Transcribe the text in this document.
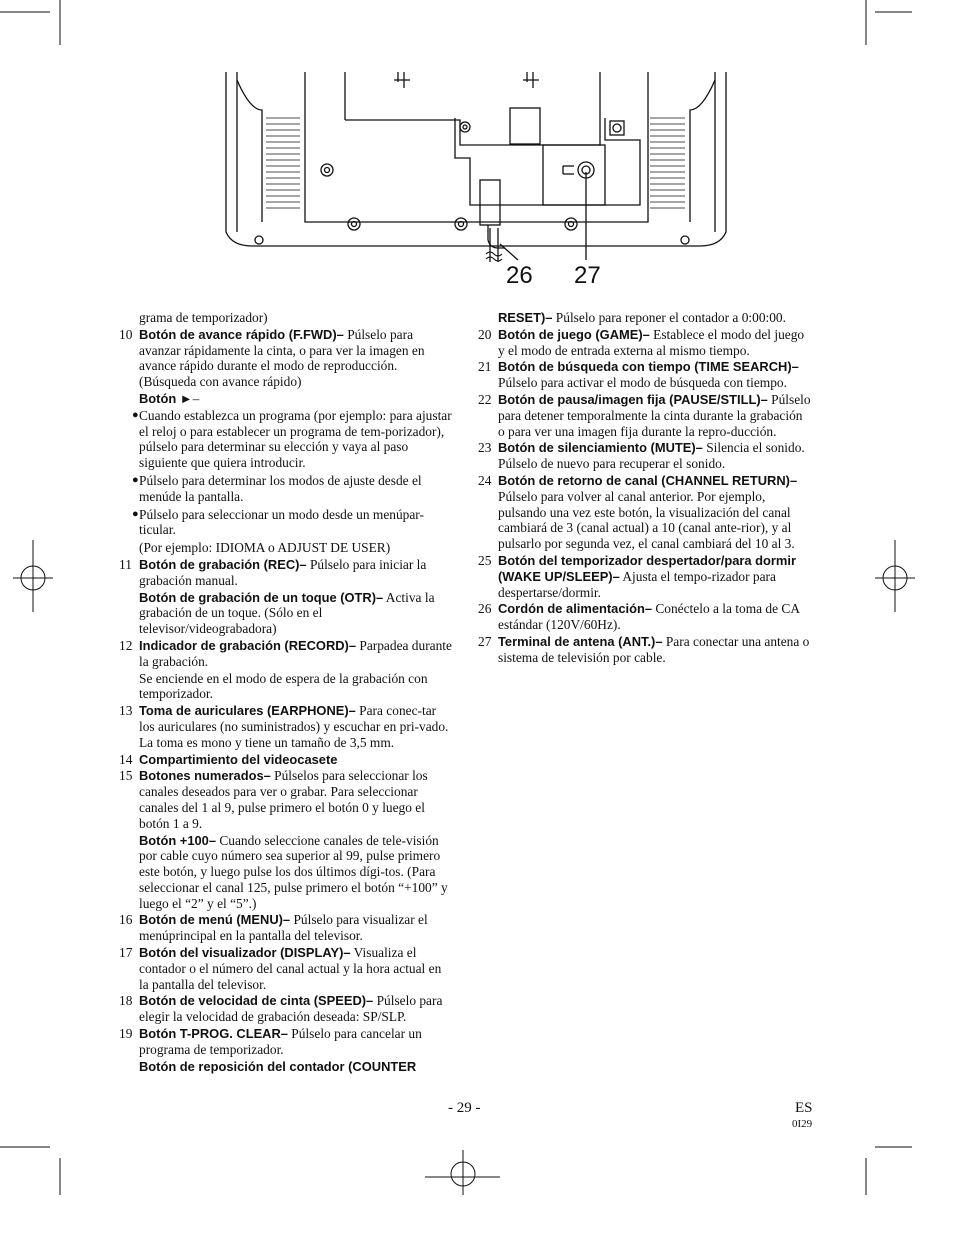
26 27
grama de temporizador)
10 Botón de avance rápido (F.FWD)– Púlselo para avanzar rápidamente la cinta, o para ver la imagen en avance rápido durante el modo de reproducción. (Búsqueda con avance rápido)
Botón ►–
● Cuando establezca un programa (por ejemplo: para ajustar el reloj o para establecer un programa de tem-porizador), púlselo para determinar su elección y vaya al paso siguiente que quiera introducir.
● Púlselo para determinar los modos de ajuste desde el menúde la pantalla.
● Púlselo para seleccionar un modo desde un menúpar-ticular.
(Por ejemplo: IDIOMA o ADJUST DE USER)
11 Botón de grabación (REC)– Púlselo para iniciar la grabación manual.
Botón de grabación de un toque (OTR)– Activa la grabación de un toque. (Sólo en el televisor/videograbadora)
12 Indicador de grabación (RECORD)– Parpadea durante la grabación.
Se enciende en el modo de espera de la grabación con temporizador.
13 Toma de auriculares (EARPHONE)– Para conec-tar los auriculares (no suministrados) y escuchar en pri-vado. La toma es mono y tiene un tamaño de 3,5 mm.
14 Compartimiento del videocasete
15 Botones numerados– Púlselos para seleccionar los canales deseados para ver o grabar. Para seleccionar canales del 1 al 9, pulse primero el botón 0 y luego el botón 1 a 9.
Botón +100– Cuando seleccione canales de tele-visión por cable cuyo número sea superior al 99, pulse primero este botón, y luego pulse los dos últimos dígi-tos. (Para seleccionar el canal 125, pulse primero el botón “+100” y luego el “2” y el “5”.)
16 Botón de menú (MENU)– Púlselo para visualizar el menúprincipal en la pantalla del televisor.
17 Botón del visualizador (DISPLAY)– Visualiza el contador o el número del canal actual y la hora actual en la pantalla del televisor.
18 Botón de velocidad de cinta (SPEED)– Púlselo para elegir la velocidad de grabación deseada: SP/SLP.
19 Botón T-PROG. CLEAR– Púlselo para cancelar un programa de temporizador.
Botón de reposición del contador (COUNTER
RESET)– Púlselo para reponer el contador a 0:00:00.
20 Botón de juego (GAME)– Establece el modo del juego y el modo de entrada externa al mismo tiempo.
21 Botón de búsqueda con tiempo (TIME SEARCH)– Púlselo para activar el modo de búsqueda con tiempo.
22 Botón de pausa/imagen fija (PAUSE/STILL)– Púlselo para detener temporalmente la cinta durante la grabación o para ver una imagen fija durante la repro-ducción.
23 Botón de silenciamiento (MUTE)– Silencia el sonido. Púlselo de nuevo para recuperar el sonido.
24 Botón de retorno de canal (CHANNEL RETURN)– Púlselo para volver al canal anterior. Por ejemplo, pulsando una vez este botón, la visualización del canal cambiará de 3 (canal actual) a 10 (canal ante-rior), y al pulsarlo por segunda vez, el canal cambiará del 10 al 3.
25 Botón del temporizador despertador/para dormir (WAKE UP/SLEEP)– Ajusta el tempo-rizador para despertarse/dormir.
26 Cordón de alimentación– Conéctelo a la toma de CA estándar (120V/60Hz).
27 Terminal de antena (ANT.)– Para conectar una antena o sistema de televisión por cable.
- 29 -	ES
0I29
